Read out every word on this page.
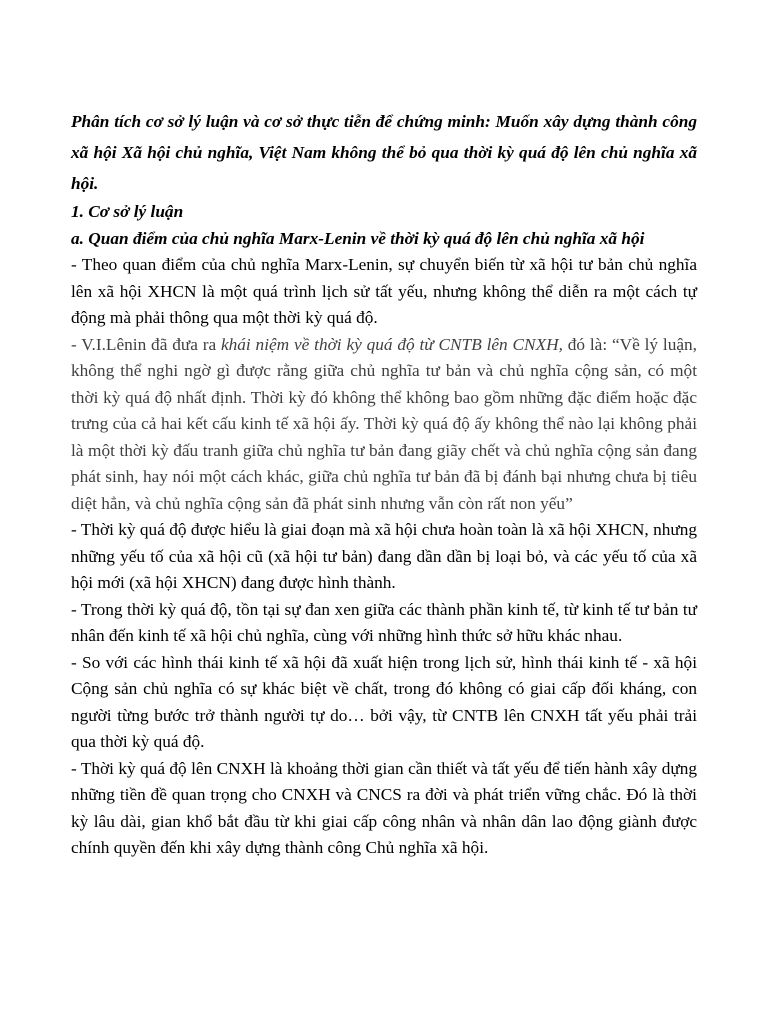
Phân tích cơ sở lý luận và cơ sở thực tiễn để chứng minh: Muốn xây dựng thành công xã hội Xã hội chủ nghĩa, Việt Nam không thể bỏ qua thời kỳ quá độ lên chủ nghĩa xã hội.

1. Cơ sở lý luận

a. Quan điểm của chủ nghĩa Marx-Lenin về thời kỳ quá độ lên chủ nghĩa xã hội

- Theo quan điểm của chủ nghĩa Marx-Lenin, sự chuyển biến từ xã hội tư bản chủ nghĩa lên xã hội XHCN là một quá trình lịch sử tất yếu, nhưng không thể diễn ra một cách tự động mà phải thông qua một thời kỳ quá độ.

- V.I.Lênin đã đưa ra khái niệm về thời kỳ quá độ từ CNTB lên CNXH, đó là: “Về lý luận, không thể nghi ngờ gì được rằng giữa chủ nghĩa tư bản và chủ nghĩa cộng sản, có một thời kỳ quá độ nhất định. Thời kỳ đó không thể không bao gồm những đặc điểm hoặc đặc trưng của cả hai kết cấu kinh tế xã hội ấy. Thời kỳ quá độ ấy không thể nào lại không phải là một thời kỳ đấu tranh giữa chủ nghĩa tư bản đang giãy chết và chủ nghĩa cộng sản đang phát sinh, hay nói một cách khác, giữa chủ nghĩa tư bản đã bị đánh bại nhưng chưa bị tiêu diệt hẳn, và chủ nghĩa cộng sản đã phát sinh nhưng vẫn còn rất non yếu”

- Thời kỳ quá độ được hiểu là giai đoạn mà xã hội chưa hoàn toàn là xã hội XHCN, nhưng những yếu tố của xã hội cũ (xã hội tư bản) đang dần dần bị loại bỏ, và các yếu tố của xã hội mới (xã hội XHCN) đang được hình thành.

- Trong thời kỳ quá độ, tồn tại sự đan xen giữa các thành phần kinh tế, từ kinh tế tư bản tư nhân đến kinh tế xã hội chủ nghĩa, cùng với những hình thức sở hữu khác nhau.

- So với các hình thái kinh tế xã hội đã xuất hiện trong lịch sử, hình thái kinh tế - xã hội Cộng sản chủ nghĩa có sự khác biệt về chất, trong đó không có giai cấp đối kháng, con người từng bước trở thành người tự do… bởi vậy, từ CNTB lên CNXH tất yếu phải trải qua thời kỳ quá độ.

- Thời kỳ quá độ lên CNXH là khoảng thời gian cần thiết và tất yếu để tiến hành xây dựng những tiền đề quan trọng cho CNXH và CNCS ra đời và phát triển vững chắc. Đó là thời kỳ lâu dài, gian khổ bắt đầu từ khi giai cấp công nhân và nhân dân lao động giành được chính quyền đến khi xây dựng thành công Chủ nghĩa xã hội.
